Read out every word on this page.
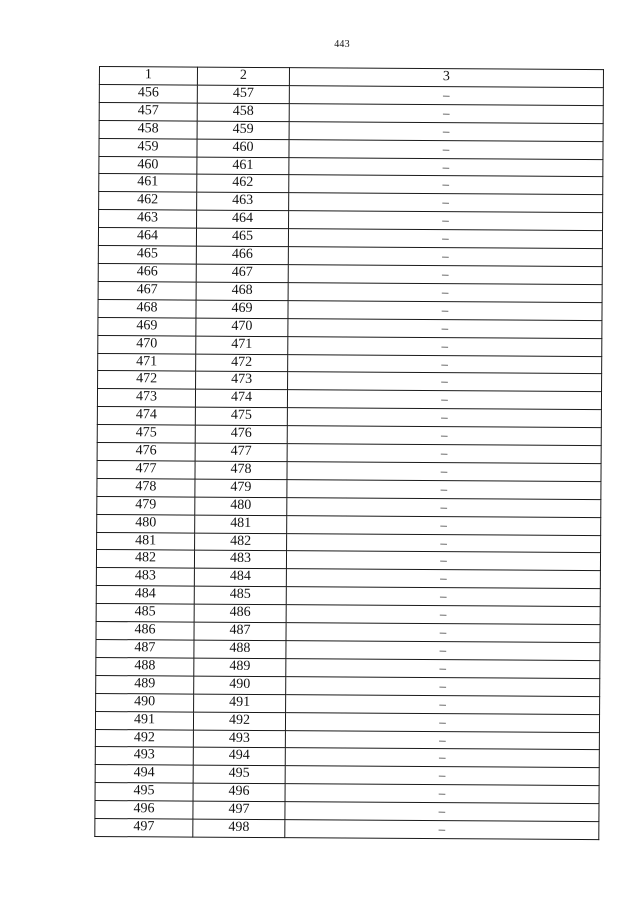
443
1	2	3
456	457	–
457	458	–
458	459	–
459	460	–
460	461	–
461	462	–
462	463	–
463	464	–
464	465	–
465	466	–
466	467	–
467	468	–
468	469	–
469	470	–
470	471	–
471	472	–
472	473	–
473	474	–
474	475	–
475	476	–
476	477	–
477	478	–
478	479	–
479	480	–
480	481	–
481	482	–
482	483	–
483	484	–
484	485	–
485	486	–
486	487	–
487	488	–
488	489	–
489	490	–
490	491	–
491	492	–
492	493	–
493	494	–
494	495	–
495	496	–
496	497	–
497	498	–
